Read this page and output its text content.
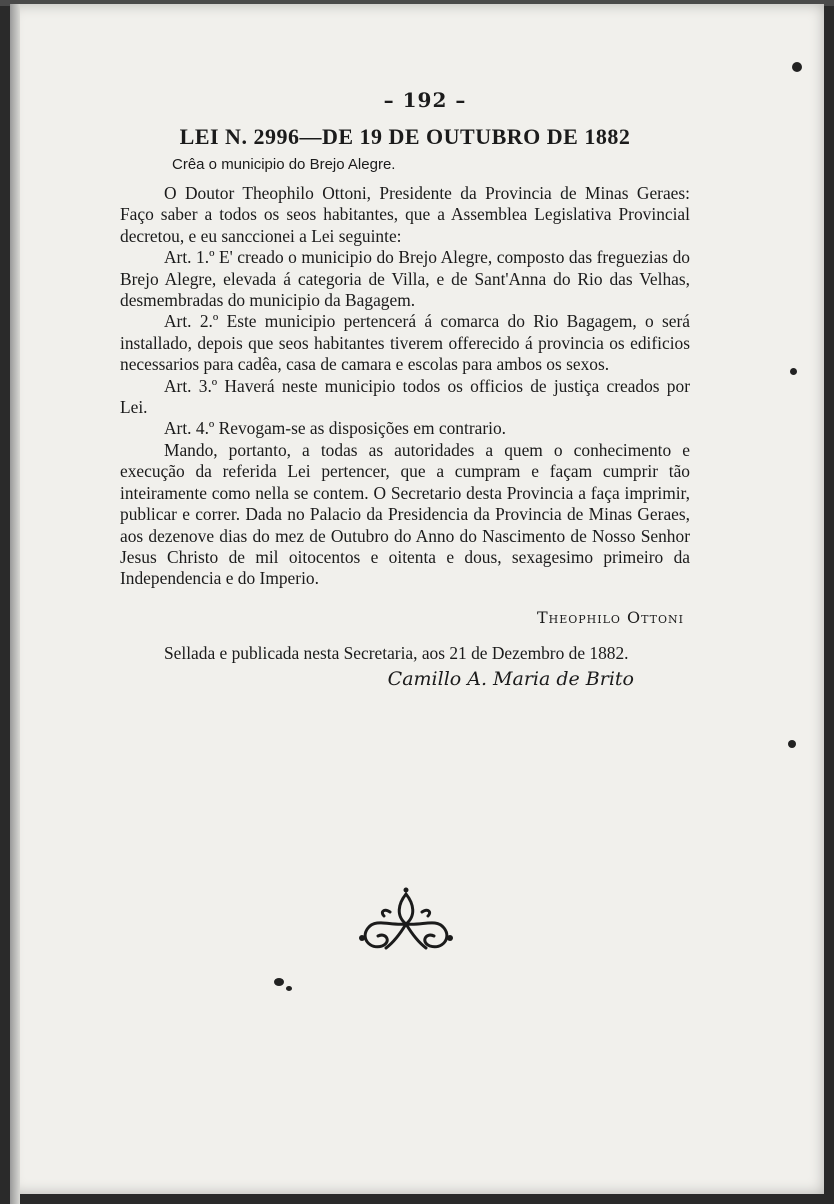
– 192 –
LEI N. 2996—DE 19 DE OUTUBRO DE 1882
Crêa o municipio do Brejo Alegre.

O Doutor Theophilo Ottoni, Presidente da Provincia de Minas Geraes: Faço saber a todos os seos habitantes, que a Assemblea Legislativa Provincial decretou, e eu sanccionei a Lei seguinte:

Art. 1.º E' creado o municipio do Brejo Alegre, composto das freguezias do Brejo Alegre, elevada á categoria de Villa, e de Sant'Anna do Rio das Velhas, desmembradas do municipio da Bagagem.

Art. 2.º Este municipio pertencerá á comarca do Rio Bagagem, o será installado, depois que seos habitantes tiverem offerecido á provincia os edificios necessarios para cadêa, casa de camara e escolas para ambos os sexos.

Art. 3.º Haverá neste municipio todos os officios de justiça creados por Lei.

Art. 4.º Revogam-se as disposições em contrario.

Mando, portanto, a todas as autoridades a quem o conhecimento e execução da referida Lei pertencer, que a cumpram e façam cumprir tão inteiramente como nella se contem. O Secretario desta Provincia a faça imprimir, publicar e correr. Dada no Palacio da Presidencia da Provincia de Minas Geraes, aos dezenove dias do mez de Outubro do Anno do Nascimento de Nosso Senhor Jesus Christo de mil oitocentos e oitenta e dous, sexagesimo primeiro da Independencia e do Imperio.

Theophilo Ottoni
Sellada e publicada nesta Secretaria, aos 21 de Dezembro de 1882.
Camillo A. Maria de Brito
